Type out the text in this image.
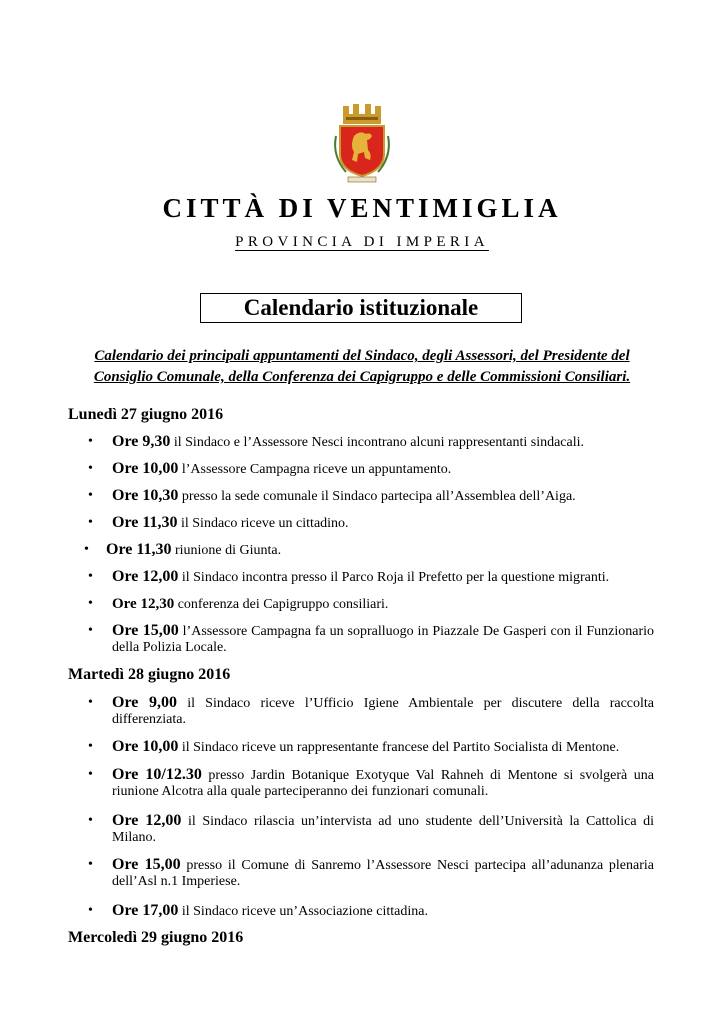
CITTÀ DI VENTIMIGLIA
PROVINCIA DI IMPERIA
Calendario istituzionale
Calendario dei principali appuntamenti del Sindaco, degli Assessori, del Presidente del Consiglio Comunale, della Conferenza dei Capigruppo e delle Commissioni Consiliari.
Lunedì 27 giugno 2016
• Ore 9,30 il Sindaco e l’Assessore Nesci incontrano alcuni rappresentanti sindacali.
• Ore 10,00 l’Assessore Campagna riceve un appuntamento.
• Ore 10,30 presso la sede comunale il Sindaco partecipa all’Assemblea dell’Aiga.
• Ore 11,30 il Sindaco riceve un cittadino.
• Ore 11,30 riunione di Giunta.
• Ore 12,00 il Sindaco incontra presso il Parco Roja il Prefetto per la questione migranti.
• Ore 12,30 conferenza dei Capigruppo consiliari.
• Ore 15,00 l’Assessore Campagna fa un sopralluogo in Piazzale De Gasperi con il Funzionario della Polizia Locale.
Martedì 28 giugno 2016
• Ore 9,00 il Sindaco riceve l’Ufficio Igiene Ambientale per discutere della raccolta differenziata.
• Ore 10,00 il Sindaco riceve un rappresentante francese del Partito Socialista di Mentone.
• Ore 10/12.30 presso Jardin Botanique Exotyque Val Rahneh di Mentone si svolgerà una riunione Alcotra alla quale parteciperanno dei funzionari comunali.
• Ore 12,00 il Sindaco rilascia un’intervista ad uno studente dell’Università la Cattolica di Milano.
• Ore 15,00 presso il Comune di Sanremo l’Assessore Nesci partecipa all’adunanza plenaria dell’Asl n.1 Imperiese.
• Ore 17,00 il Sindaco riceve un’Associazione cittadina.
Mercoledì 29 giugno 2016
